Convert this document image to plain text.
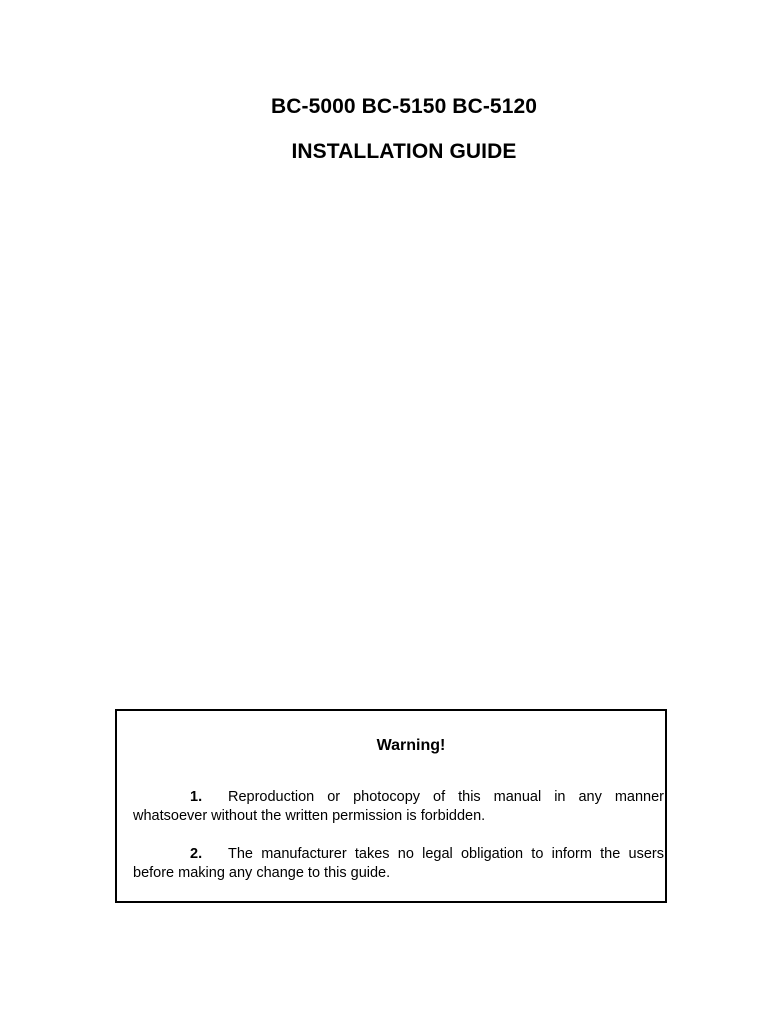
BC-5000 BC-5150 BC-5120
INSTALLATION GUIDE
Warning!
1. Reproduction or photocopy of this manual in any manner
whatsoever without the written permission is forbidden.
2. The manufacturer takes no legal obligation to inform the users
before making any change to this guide.
